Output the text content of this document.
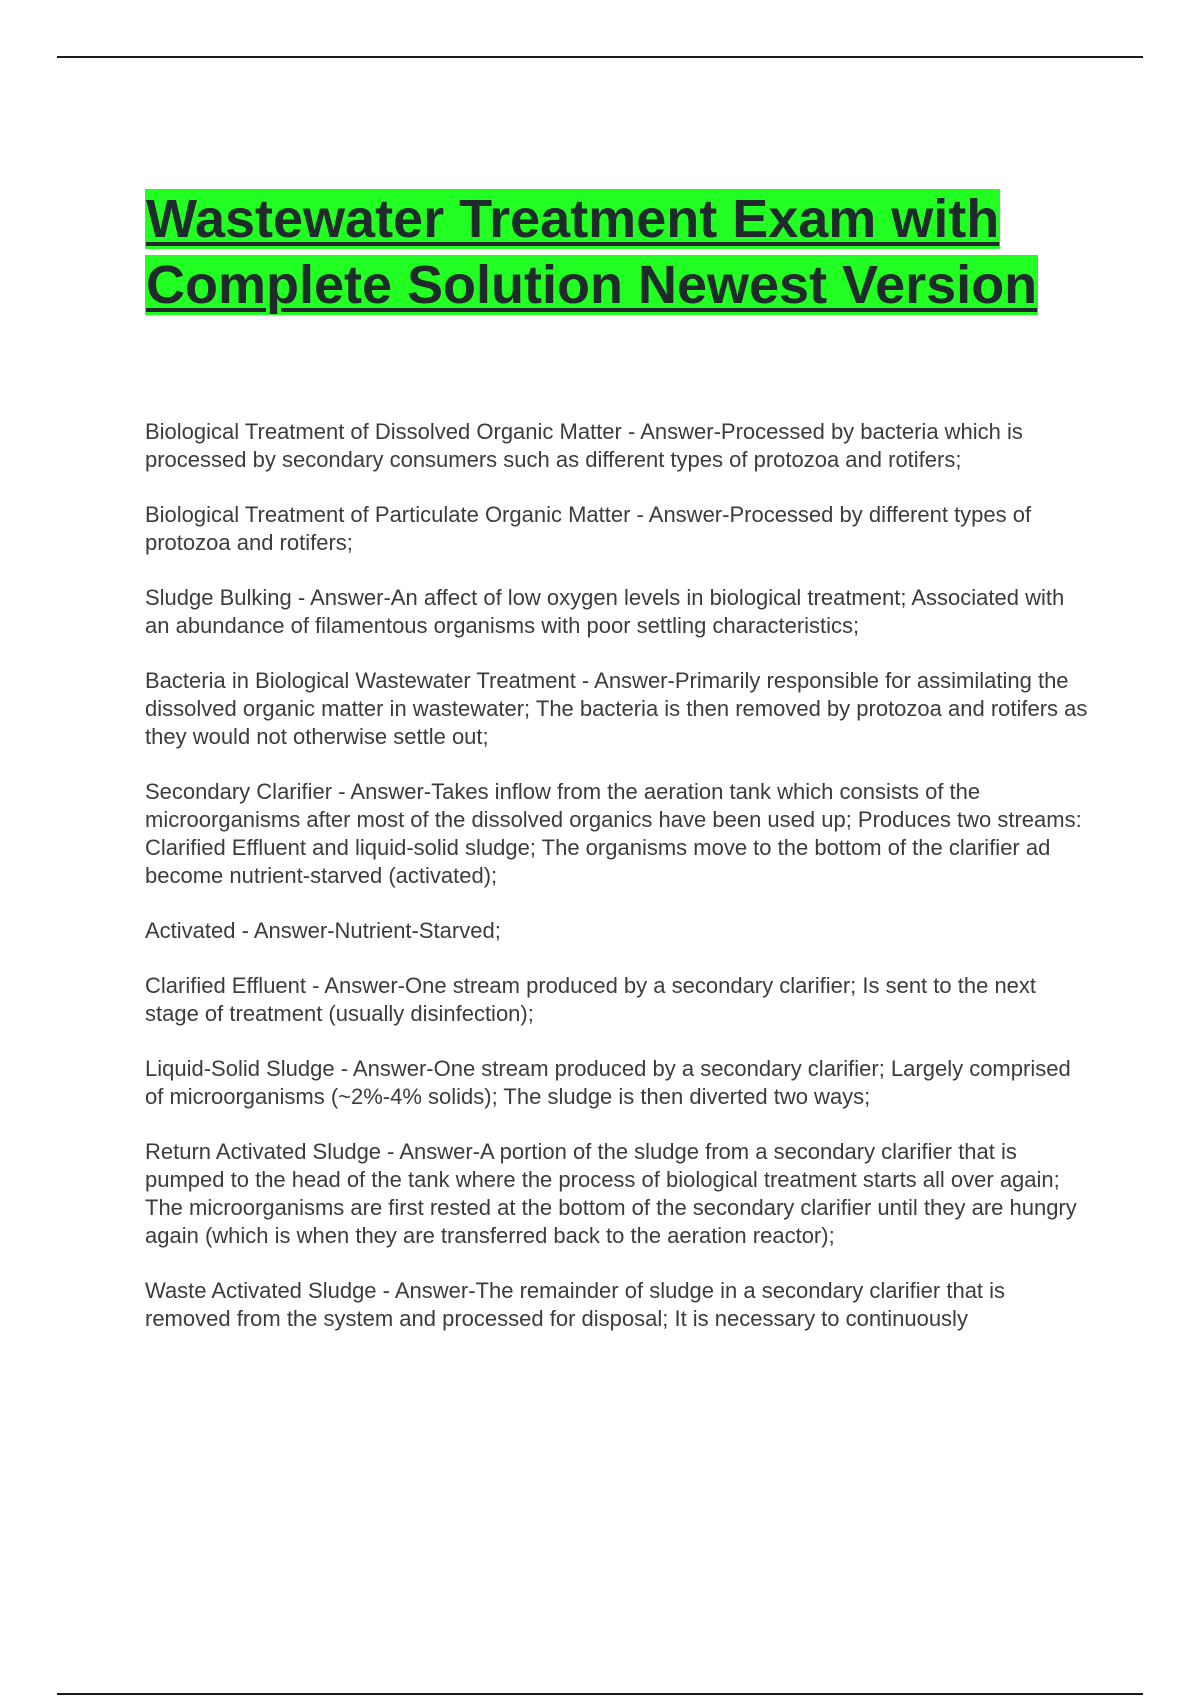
Wastewater Treatment Exam with
Complete Solution Newest Version

Biological Treatment of Dissolved Organic Matter - Answer-Processed by bacteria which is processed by secondary consumers such as different types of protozoa and rotifers;

Biological Treatment of Particulate Organic Matter - Answer-Processed by different types of protozoa and rotifers;

Sludge Bulking - Answer-An affect of low oxygen levels in biological treatment; Associated with an abundance of filamentous organisms with poor settling characteristics;

Bacteria in Biological Wastewater Treatment - Answer-Primarily responsible for assimilating the dissolved organic matter in wastewater; The bacteria is then removed by protozoa and rotifers as they would not otherwise settle out;

Secondary Clarifier - Answer-Takes inflow from the aeration tank which consists of the microorganisms after most of the dissolved organics have been used up; Produces two streams: Clarified Effluent and liquid-solid sludge; The organisms move to the bottom of the clarifier ad become nutrient-starved (activated);

Activated - Answer-Nutrient-Starved;

Clarified Effluent - Answer-One stream produced by a secondary clarifier; Is sent to the next stage of treatment (usually disinfection);

Liquid-Solid Sludge - Answer-One stream produced by a secondary clarifier; Largely comprised of microorganisms (~2%-4% solids); The sludge is then diverted two ways;

Return Activated Sludge - Answer-A portion of the sludge from a secondary clarifier that is pumped to the head of the tank where the process of biological treatment starts all over again; The microorganisms are first rested at the bottom of the secondary clarifier until they are hungry again (which is when they are transferred back to the aeration reactor);

Waste Activated Sludge - Answer-The remainder of sludge in a secondary clarifier that is removed from the system and processed for disposal; It is necessary to continuously
